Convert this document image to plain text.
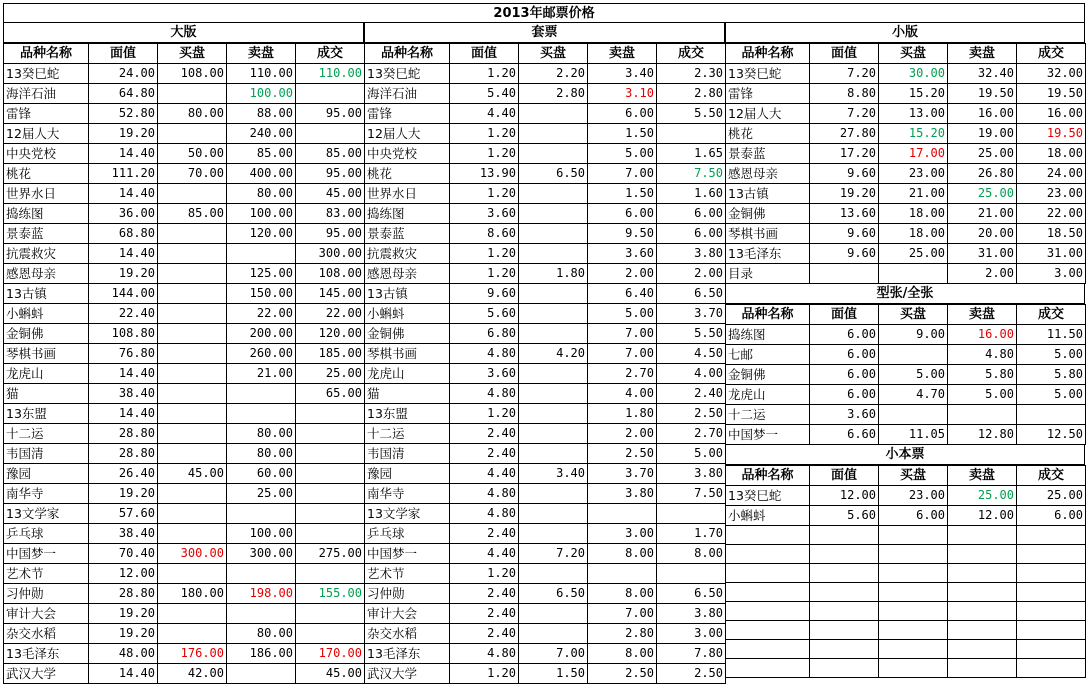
2013年邮票价格
大版
品种名称	面值	买盘	卖盘	成交
13癸巳蛇	24.00	108.00	110.00	110.00
海洋石油	64.80		100.00	
雷锋	52.80	80.00	88.00	95.00
12届人大	19.20		240.00	
中央党校	14.40	50.00	85.00	85.00
桃花	111.20	70.00	400.00	95.00
世界水日	14.40		80.00	45.00
捣练图	36.00	85.00	100.00	83.00
景泰蓝	68.80		120.00	95.00
抗震救灾	14.40			300.00
感恩母亲	19.20		125.00	108.00
13古镇	144.00		150.00	145.00
小蝌蚪	22.40		22.00	22.00
金铜佛	108.80		200.00	120.00
琴棋书画	76.80		260.00	185.00
龙虎山	14.40		21.00	25.00
猫	38.40			65.00
13东盟	14.40			
十二运	28.80		80.00	
韦国清	28.80		80.00	
豫园	26.40	45.00	60.00	
南华寺	19.20		25.00	
13文学家	57.60			
乒乓球	38.40		100.00	
中国梦一	70.40	300.00	300.00	275.00
艺术节	12.00			
习仲勋	28.80	180.00	198.00	155.00
审计大会	19.20			
杂交水稻	19.20		80.00	
13毛泽东	48.00	176.00	186.00	170.00
武汉大学	14.40	42.00		45.00
套票
品种名称	面值	买盘	卖盘	成交
13癸巳蛇	1.20	2.20	3.40	2.30
海洋石油	5.40	2.80	3.10	2.80
雷锋	4.40		6.00	5.50
12届人大	1.20		1.50	
中央党校	1.20		5.00	1.65
桃花	13.90	6.50	7.00	7.50
世界水日	1.20		1.50	1.60
捣练图	3.60		6.00	6.00
景泰蓝	8.60		9.50	6.00
抗震救灾	1.20		3.60	3.80
感恩母亲	1.20	1.80	2.00	2.00
13古镇	9.60		6.40	6.50
小蝌蚪	5.60		5.00	3.70
金铜佛	6.80		7.00	5.50
琴棋书画	4.80	4.20	7.00	4.50
龙虎山	3.60		2.70	4.00
猫	4.80		4.00	2.40
13东盟	1.20		1.80	2.50
十二运	2.40		2.00	2.70
韦国清	2.40		2.50	5.00
豫园	4.40	3.40	3.70	3.80
南华寺	4.80		3.80	7.50
13文学家	4.80			
乒乓球	2.40		3.00	1.70
中国梦一	4.40	7.20	8.00	8.00
艺术节	1.20			
习仲勋	2.40	6.50	8.00	6.50
审计大会	2.40		7.00	3.80
杂交水稻	2.40		2.80	3.00
13毛泽东	4.80	7.00	8.00	7.80
武汉大学	1.20	1.50	2.50	2.50
小版
品种名称	面值	买盘	卖盘	成交
13癸巳蛇	7.20	30.00	32.40	32.00
雷锋	8.80	15.20	19.50	19.50
12届人大	7.20	13.00	16.00	16.00
桃花	27.80	15.20	19.00	19.50
景泰蓝	17.20	17.00	25.00	18.00
感恩母亲	9.60	23.00	26.80	24.00
13古镇	19.20	21.00	25.00	23.00
金铜佛	13.60	18.00	21.00	22.00
琴棋书画	9.60	18.00	20.00	18.50
13毛泽东	9.60	25.00	31.00	31.00
目录			2.00	3.00
型张/全张
品种名称	面值	买盘	卖盘	成交
捣练图	6.00	9.00	16.00	11.50
七邮	6.00		4.80	5.00
金铜佛	6.00	5.00	5.80	5.80
龙虎山	6.00	4.70	5.00	5.00
十二运	3.60			
中国梦一	6.60	11.05	12.80	12.50
小本票
品种名称	面值	买盘	卖盘	成交
13癸巳蛇	12.00	23.00	25.00	25.00
小蝌蚪	5.60	6.00	12.00	6.00
